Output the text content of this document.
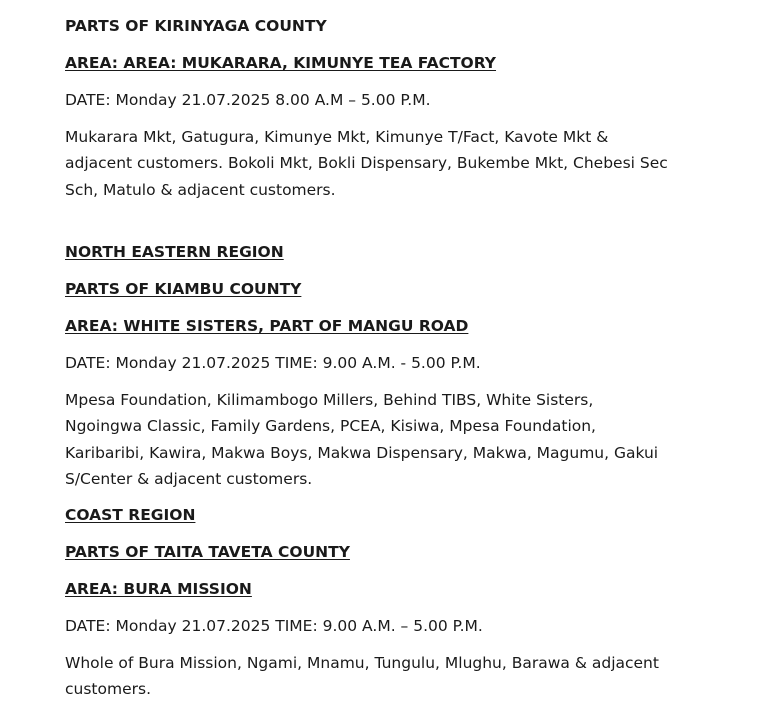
PARTS OF KIRINYAGA COUNTY
AREA: AREA: MUKARARA, KIMUNYE TEA FACTORY
DATE: Monday 21.07.2025 8.00 A.M – 5.00 P.M.
Mukarara Mkt, Gatugura, Kimunye Mkt, Kimunye T/Fact, Kavote Mkt & adjacent customers. Bokoli Mkt, Bokli Dispensary, Bukembe Mkt, Chebesi Sec Sch, Matulo & adjacent customers.
NORTH EASTERN REGION
PARTS OF KIAMBU COUNTY
AREA: WHITE SISTERS, PART OF MANGU ROAD
DATE: Monday 21.07.2025 TIME: 9.00 A.M. - 5.00 P.M.
Mpesa Foundation, Kilimambogo Millers, Behind TIBS, White Sisters, Ngoingwa Classic, Family Gardens, PCEA, Kisiwa, Mpesa Foundation, Karibaribi, Kawira, Makwa Boys, Makwa Dispensary, Makwa, Magumu, Gakui S/Center & adjacent customers.
COAST REGION
PARTS OF TAITA TAVETA COUNTY
AREA: BURA MISSION
DATE: Monday 21.07.2025 TIME: 9.00 A.M. – 5.00 P.M.
Whole of Bura Mission, Ngami, Mnamu, Tungulu, Mlughu, Barawa & adjacent customers.
